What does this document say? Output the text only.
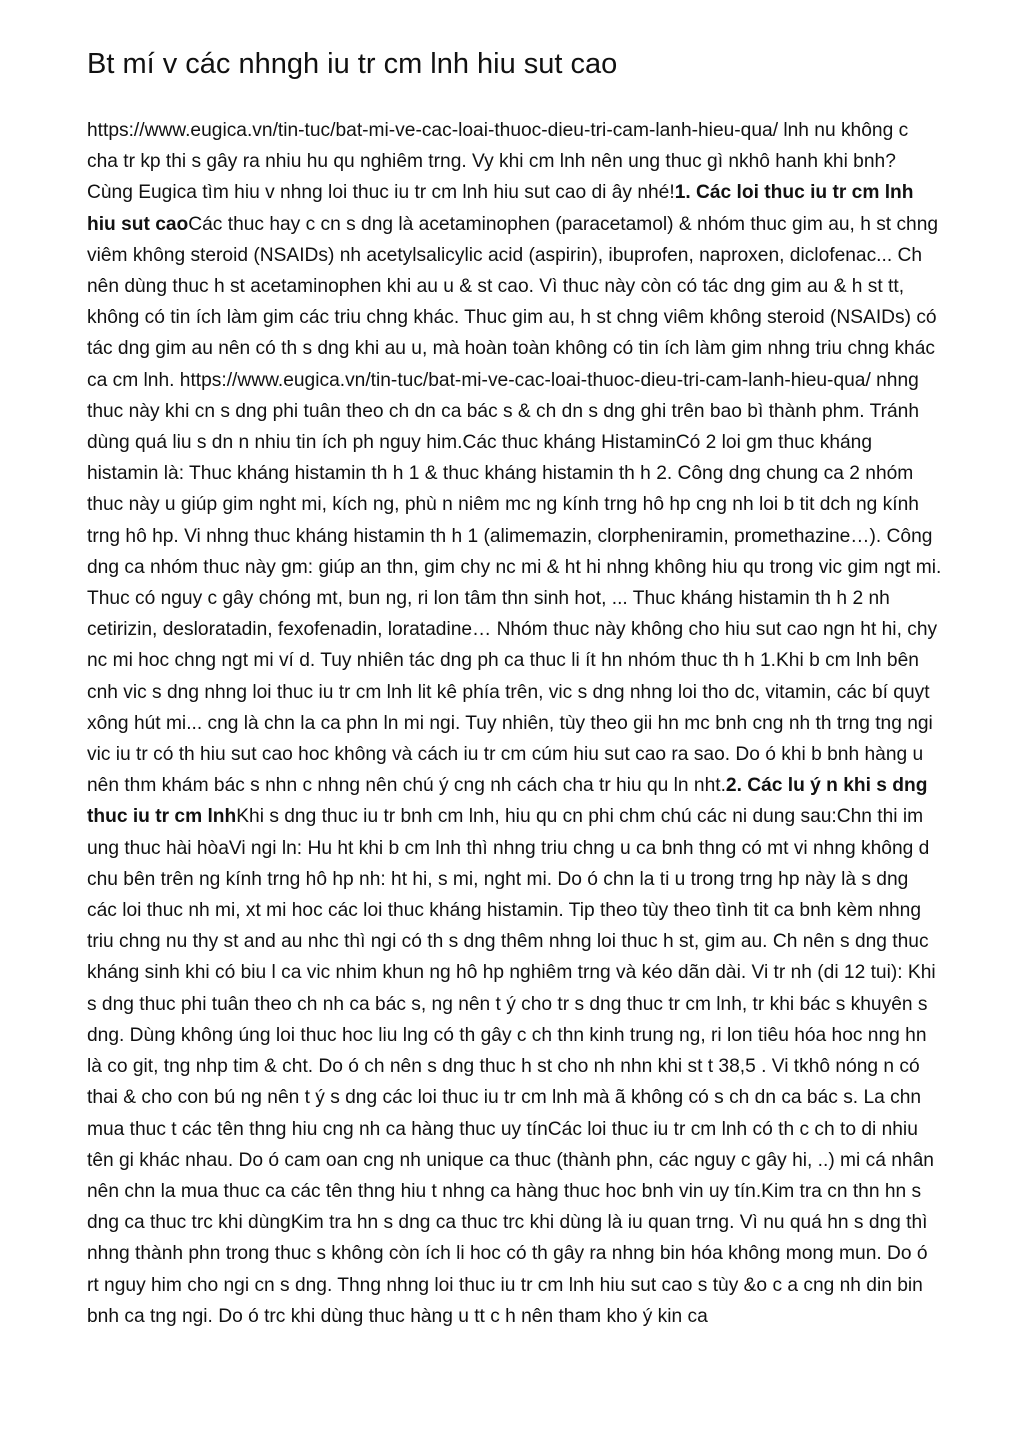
Bt mí v các nhngh iu tr cm lnh hiu sut cao

https://www.eugica.vn/tin-tuc/bat-mi-ve-cac-loai-thuoc-dieu-tri-cam-lanh-hieu-qua/ lnh nu không c cha tr kp thi s gây ra nhiu hu qu nghiêm trng. Vy khi cm lnh nên ung thuc gì nkhô hanh khi bnh? Cùng Eugica tìm hiu v nhng loi thuc iu tr cm lnh hiu sut cao di ây nhé!1. Các loi thuc iu tr cm lnh hiu sut caoCác thuc hay c cn s dng là acetaminophen (paracetamol) & nhóm thuc gim au, h st chng viêm không steroid (NSAIDs) nh acetylsalicylic acid (aspirin), ibuprofen, naproxen, diclofenac... Ch nên dùng thuc h st acetaminophen khi au u & st cao. Vì thuc này còn có tác dng gim au & h st tt, không có tin ích làm gim các triu chng khác. Thuc gim au, h st chng viêm không steroid (NSAIDs) có tác dng gim au nên có th s dng khi au u, mà hoàn toàn không có tin ích làm gim nhng triu chng khác ca cm lnh. https://www.eugica.vn/tin-tuc/bat-mi-ve-cac-loai-thuoc-dieu-tri-cam-lanh-hieu-qua/ nhng thuc này khi cn s dng phi tuân theo ch dn ca bác s & ch dn s dng ghi trên bao bì thành phm. Tránh dùng quá liu s dn n nhiu tin ích ph nguy him.Các thuc kháng HistaminCó 2 loi gm thuc kháng histamin là: Thuc kháng histamin th h 1 & thuc kháng histamin th h 2. Công dng chung ca 2 nhóm thuc này u giúp gim nght mi, kích ng, phù n niêm mc ng kính trng hô hp cng nh loi b tit dch ng kính trng hô hp. Vi nhng thuc kháng histamin th h 1 (alimemazin, clorpheniramin, promethazine…). Công dng ca nhóm thuc này gm: giúp an thn, gim chy nc mi & ht hi nhng không hiu qu trong vic gim ngt mi. Thuc có nguy c gây chóng mt, bun ng, ri lon tâm thn sinh hot, ... Thuc kháng histamin th h 2 nh cetirizin, desloratadin, fexofenadin, loratadine… Nhóm thuc này không cho hiu sut cao ngn ht hi, chy nc mi hoc chng ngt mi ví d. Tuy nhiên tác dng ph ca thuc li ít hn nhóm thuc th h 1.Khi b cm lnh bên cnh vic s dng nhng loi thuc iu tr cm lnh lit kê phía trên, vic s dng nhng loi tho dc, vitamin, các bí quyt xông hút mi... cng là chn la ca phn ln mi ngi. Tuy nhiên, tùy theo gii hn mc bnh cng nh th trng tng ngi vic iu tr có th hiu sut cao hoc không và cách iu tr cm cúm hiu sut cao ra sao. Do ó khi b bnh hàng u nên thm khám bác s nhn c nhng nên chú ý cng nh cách cha tr hiu qu ln nht.2. Các lu ý n khi s dng thuc iu tr cm lnhKhi s dng thuc iu tr bnh cm lnh, hiu qu cn phi chm chú các ni dung sau:Chn thi im ung thuc hài hòaVi ngi ln: Hu ht khi b cm lnh thì nhng triu chng u ca bnh thng có mt vi nhng không d chu bên trên ng kính trng hô hp nh: ht hi, s mi, nght mi. Do ó chn la ti u trong trng hp này là s dng các loi thuc nh mi, xt mi hoc các loi thuc kháng histamin. Tip theo tùy theo tình tit ca bnh kèm nhng triu chng nu thy st and au nhc thì ngi có th s dng thêm nhng loi thuc h st, gim au. Ch nên s dng thuc kháng sinh khi có biu l ca vic nhim khun ng hô hp nghiêm trng và kéo dãn dài. Vi tr nh (di 12 tui): Khi s dng thuc phi tuân theo ch nh ca bác s, ng nên t ý cho tr s dng thuc tr cm lnh, tr khi bác s khuyên s dng. Dùng không úng loi thuc hoc liu lng có th gây c ch thn kinh trung ng, ri lon tiêu hóa hoc nng hn là co git, tng nhp tim & cht. Do ó ch nên s dng thuc h st cho nh nhn khi st t 38,5 . Vi tkhô nóng n có thai & cho con bú ng nên t ý s dng các loi thuc iu tr cm lnh mà ã không có s ch dn ca bác s. La chn mua thuc t các tên thng hiu cng nh ca hàng thuc uy tínCác loi thuc iu tr cm lnh có th c ch to di nhiu tên gi khác nhau. Do ó cam oan cng nh unique ca thuc (thành phn, các nguy c gây hi, ..) mi cá nhân nên chn la mua thuc ca các tên thng hiu t nhng ca hàng thuc hoc bnh vin uy tín.Kim tra cn thn hn s dng ca thuc trc khi dùngKim tra hn s dng ca thuc trc khi dùng là iu quan trng. Vì nu quá hn s dng thì nhng thành phn trong thuc s không còn ích li hoc có th gây ra nhng bin hóa không mong mun. Do ó rt nguy him cho ngi cn s dng. Thng nhng loi thuc iu tr cm lnh hiu sut cao s tùy &o c a cng nh din bin bnh ca tng ngi. Do ó trc khi dùng thuc hàng u tt c h nên tham kho ý kin ca
